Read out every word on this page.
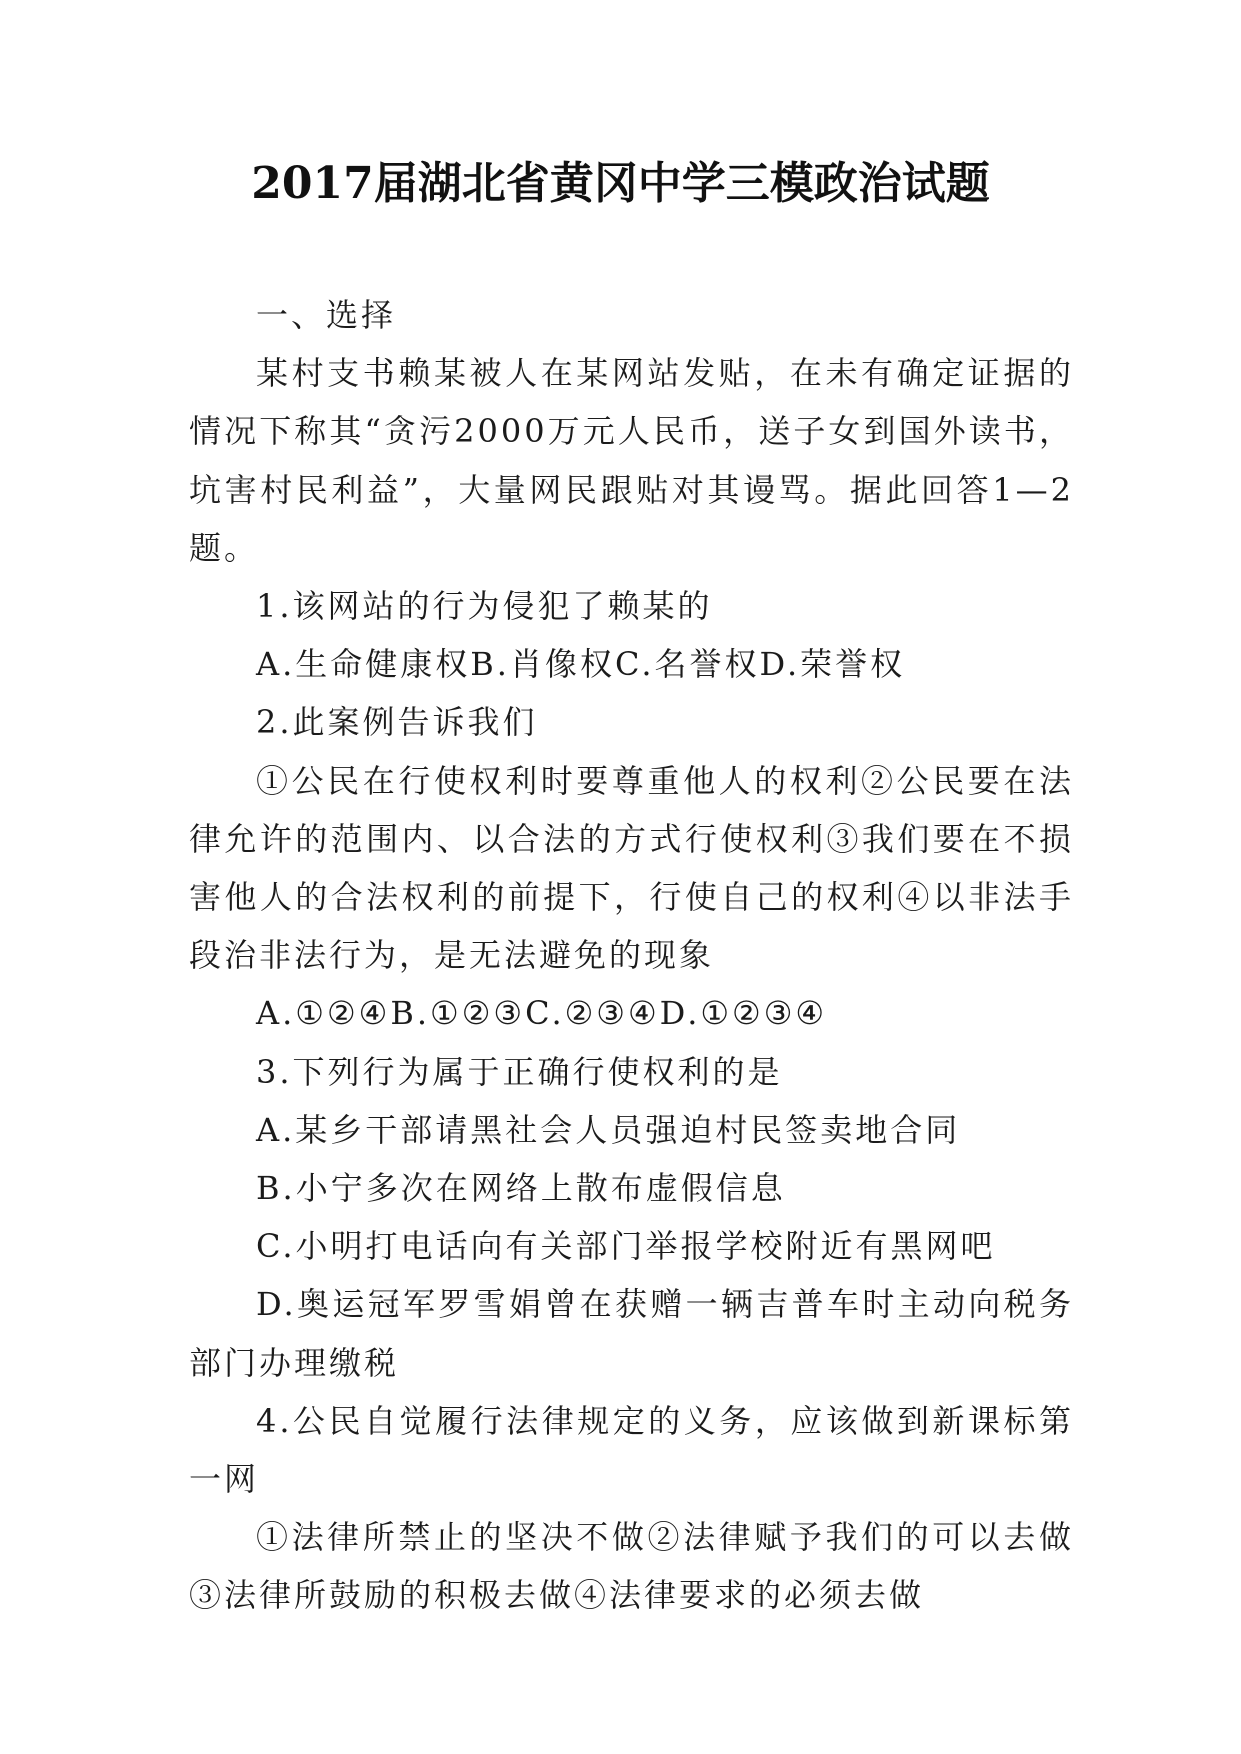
2017届湖北省黄冈中学三模政治试题

一、选择

某村支书赖某被人在某网站发贴，在未有确定证据的情况下称其“贪污2000万元人民币，送子女到国外读书，坑害村民利益”，大量网民跟贴对其谩骂。据此回答1—2题。

1.该网站的行为侵犯了赖某的

A.生命健康权B.肖像权C.名誉权D.荣誉权

2.此案例告诉我们

①公民在行使权利时要尊重他人的权利②公民要在法律允许的范围内、以合法的方式行使权利③我们要在不损害他人的合法权利的前提下，行使自己的权利④以非法手段治非法行为，是无法避免的现象

A.①②④B.①②③C.②③④D.①②③④

3.下列行为属于正确行使权利的是

A.某乡干部请黑社会人员强迫村民签卖地合同

B.小宁多次在网络上散布虚假信息

C.小明打电话向有关部门举报学校附近有黑网吧

D.奥运冠军罗雪娟曾在获赠一辆吉普车时主动向税务部门办理缴税

4.公民自觉履行法律规定的义务，应该做到新课标第一网

①法律所禁止的坚决不做②法律赋予我们的可以去做③法律所鼓励的积极去做④法律要求的必须去做
